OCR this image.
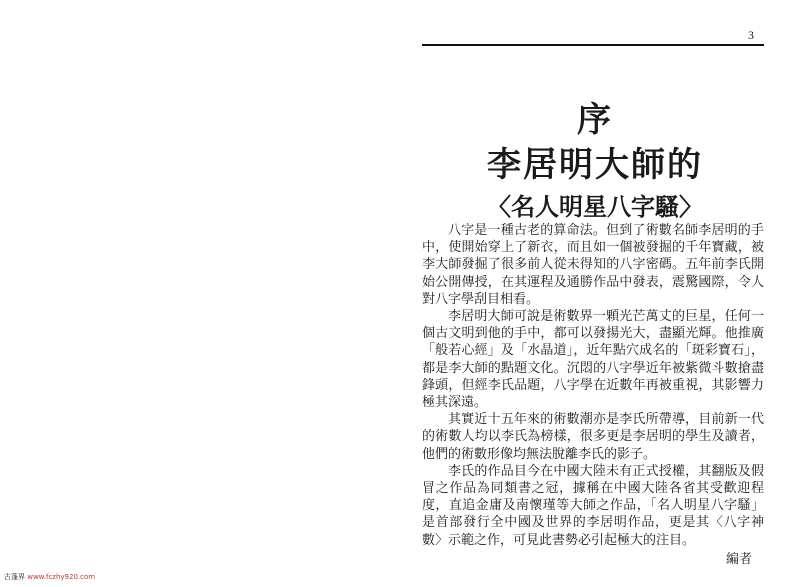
3
序
李居明大師的
〈名人明星八字騷〉

八字是一種古老的算命法。但到了術數名師李居明的手中，使開始穿上了新衣，而且如一個被發掘的千年寶藏，被李大師發掘了很多前人從未得知的八字密碼。五年前李氏開始公開傳授，在其運程及通勝作品中發表，震驚國際，令人對八字學刮目相看。

李居明大師可說是術數界一顆光芒萬丈的巨星，任何一個古文明到他的手中，都可以發揚光大，盡顯光輝。他推廣「般若心經」及「水晶道」，近年點穴成名的「斑彩寶石」，都是李大師的點題文化。沉悶的八字學近年被紫微斗數搶盡鋒頭，但經李氏品題，八字學在近數年再被重視，其影響力極其深遠。

其實近十五年來的術數潮亦是李氏所帶導，目前新一代的術數人均以李氏為榜樣，很多更是李居明的學生及讀者，他們的術數形像均無法脫離李氏的影子。

李氏的作品目今在中國大陸未有正式授權，其翻版及假冒之作品為同類書之冠，據稱在中國大陸各省其受歡迎程度，直追金庸及南懷瑾等大師之作品，「名人明星八字騷」是首部發行全中國及世界的李居明作品，更是其〈八字神數〉示範之作，可見此書勢必引起極大的注目。

編者
古蓬界 www.fczhy920.com
